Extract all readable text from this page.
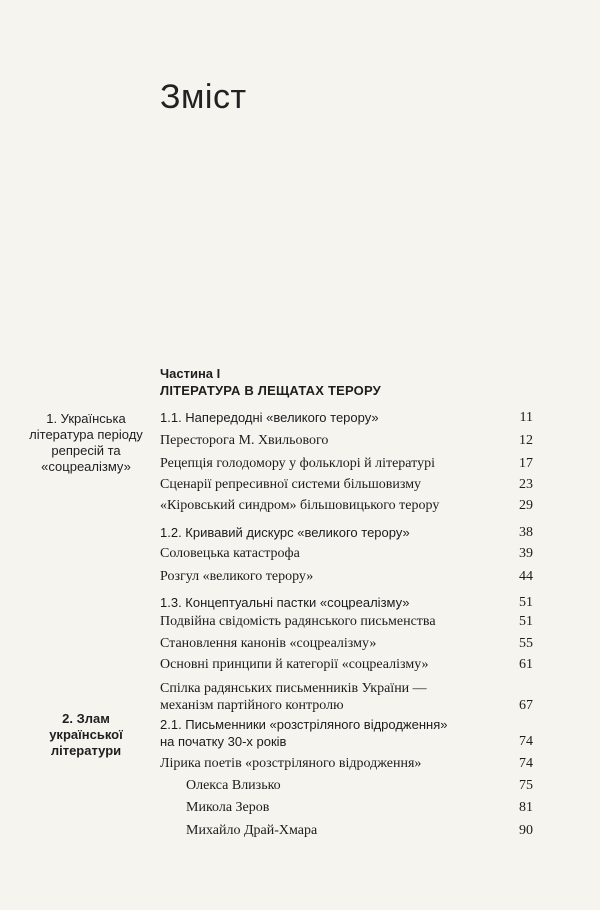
Зміст
Частина І
ЛІТЕРАТУРА В ЛЕЩАТАХ ТЕРОРУ
1. Українська література періоду репресій та «соцреалізму»
2. Злам української літератури
1.1. Напередодні «великого терору»	11
Пересторога М. Хвильового	12
Рецепція голодомору у фольклорі й літературі	17
Сценарії репресивної системи більшовизму	23
«Кіровський синдром» більшовицького терору	29
1.2. Кривавий дискурс «великого терору»	38
Соловецька катастрофа	39
Розгул «великого терору»	44
1.3. Концептуальні пастки «соцреалізму»	51
Подвійна свідомість радянського письменства	51
Становлення канонів «соцреалізму»	55
Основні принципи й категорії «соцреалізму»	61
Спілка радянських письменників України — механізм партійного контролю	67
2.1. Письменники «розстріляного відродження» на початку 30-х років	74
Лірика поетів «розстріляного відродження»	74
Олекса Влизько	75
Микола Зеров	81
Михайло Драй-Хмара	90
